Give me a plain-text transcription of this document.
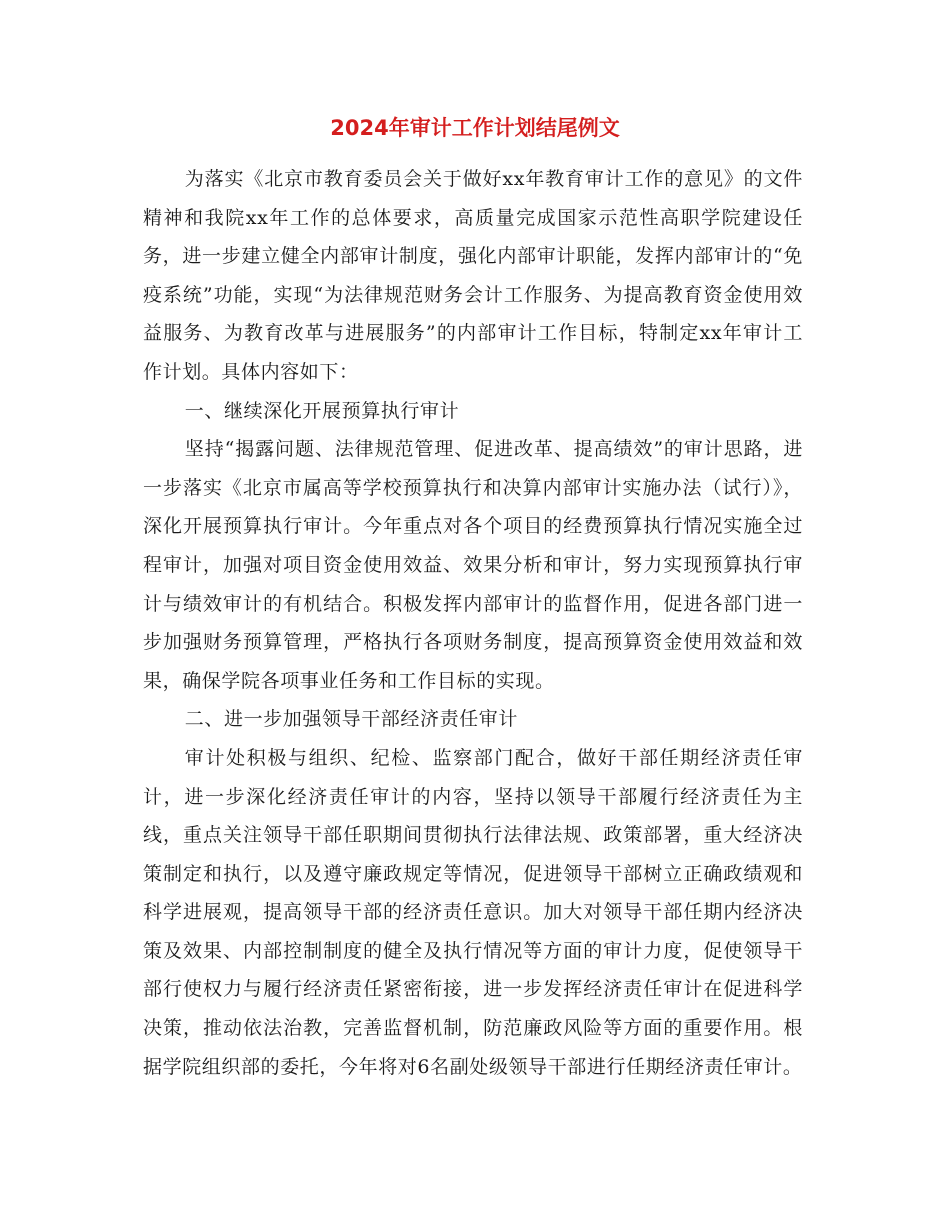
2024年审计工作计划结尾例文

为落实《北京市教育委员会关于做好xx年教育审计工作的意见》的文件精神和我院xx年工作的总体要求，高质量完成国家示范性高职学院建设任务，进一步建立健全内部审计制度，强化内部审计职能，发挥内部审计的“免疫系统”功能，实现“为法律规范财务会计工作服务、为提高教育资金使用效益服务、为教育改革与进展服务”的内部审计工作目标，特制定xx年审计工作计划。具体内容如下：

一、继续深化开展预算执行审计

坚持“揭露问题、法律规范管理、促进改革、提高绩效”的审计思路，进一步落实《北京市属高等学校预算执行和决算内部审计实施办法（试行）》，深化开展预算执行审计。今年重点对各个项目的经费预算执行情况实施全过程审计，加强对项目资金使用效益、效果分析和审计，努力实现预算执行审计与绩效审计的有机结合。积极发挥内部审计的监督作用，促进各部门进一步加强财务预算管理，严格执行各项财务制度，提高预算资金使用效益和效果，确保学院各项事业任务和工作目标的实现。

二、进一步加强领导干部经济责任审计

审计处积极与组织、纪检、监察部门配合，做好干部任期经济责任审计，进一步深化经济责任审计的内容，坚持以领导干部履行经济责任为主线，重点关注领导干部任职期间贯彻执行法律法规、政策部署，重大经济决策制定和执行，以及遵守廉政规定等情况，促进领导干部树立正确政绩观和科学进展观，提高领导干部的经济责任意识。加大对领导干部任期内经济决策及效果、内部控制制度的健全及执行情况等方面的审计力度，促使领导干部行使权力与履行经济责任紧密衔接，进一步发挥经济责任审计在促进科学决策，推动依法治教，完善监督机制，防范廉政风险等方面的重要作用。根据学院组织部的委托，今年将对6名副处级领导干部进行任期经济责任审计。
